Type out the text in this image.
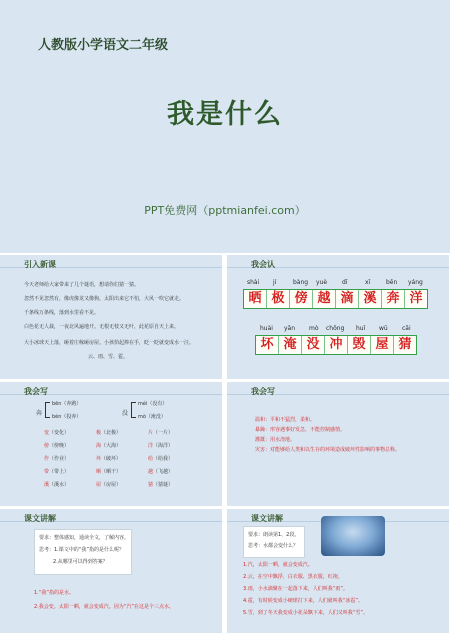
人教版小学语文二年级
我是什么
PPT免费网（pptmianfei.com）
引入新课
今天老师给大家带来了几个谜语，想请你们猜一猜。
忽然不见忽然有，像虎像龙又像狗。太阳出来它不怕，大风一吹它就走。
千条线万条线，落到水里看不见。
白色花无人栽，一夜北风遍地开。无根无枝又无叶，此花原自天上来。
大小冰球天上落，砸着庄稼砸房屋。小孩拾起捧在手，眨一眨就变成水一汪。
云、雨、雪、雹。
我会认
shài jí	bàng yuè dī	xī	bēn yáng
晒 极 傍 越 滴 溪 奔 洋
huài yān mò chōng huǐ wū cāi
坏 淹 没 冲 毁 屋 猜
我会写
奔
bēn（奔跑）
bèn（投奔）	没
méi（没有）
mò（淹没）
变（变化）	极（北极）	片（一片）
傍（傍晚）	海（大海）	洋（海洋）
作（作业）	坏（破坏）	给（给我）
带（带上）	晒（晒干）	越（飞越）
溪（溪水）	屋（房屋）	猜（猜谜）
我会写
温和：平和不猛烈，柔和。
暴躁：形容遇事好发急，不能控制感情。
灌溉：用水浇地。
灾害：对能够给人类和以生存的环境造成破坏性影响的事物总称。
课文讲解
要求：整体感知，通读全文，了解内容。
思考：1.课文中的“我”指的是什么呢？
2.从哪里可以得到答案？
1.“我”指的是水。
2.我会变。太阳一晒，就会变成汽。因为“汽”在这是个三点水。
课文讲解
要求：朗读第1、2段。
思考：水都会变什么？
1.汽，太阳一晒，就会变成汽。
2.云，在空中飘浮，白衣服、黑衣服，红袍。
3.雨，小水滴聚在一起落下来，人们叫我“雨”。
4.雹，有时候变成小硬球打下来，人们就叫我“冰雹”。
5.雪，到了冬天我变成小花朵飘下来，人们又叫我“雪”。
